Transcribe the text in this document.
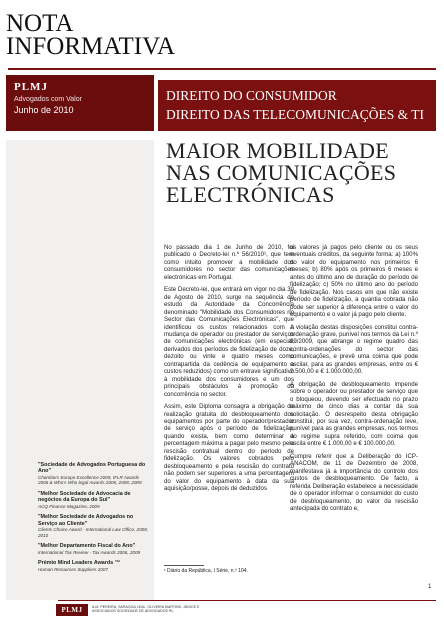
NOTA
INFORMATIVA
PLMJ
Advogados com Valor
Junho de 2010
DIREITO DO CONSUMIDOR
DIREITO DAS TELECOMUNICAÇÕES & TI
MAIOR MOBILIDADE
NAS COMUNICAÇÕES
ELECTRÓNICAS

No passado dia 1 de Junho de 2010, foi publicado o Decreto-lei n.º 56/2010¹, que tem como intuito promover a mobilidade dos consumidores no sector das comunicações electrónicas em Portugal.

Este Decreto-lei, que entrará em vigor no dia 30 de Agosto de 2010, surge na sequência do estudo da Autoridade da Concorrência denominado "Mobilidade dos Consumidores no Sector das Comunicações Electrónicas", que identificou os custos relacionados com a mudança de operador ou prestador de serviços de comunicações electrónicas (em especial, derivados dos períodos de fidelização de doze, dezoito ou vinte e quatro meses como contrapartida da cedência de equipamento a custos reduzidos) como um entrave significativo à mobilidade dos consumidores e um dos principais obstáculos à promoção da concorrência no sector.

Assim, este Diploma consagra a obrigação da realização gratuita do desbloqueamento dos equipamentos por parte do operador/prestador de serviço após o período de fidelização, quando exista, bem como determinar a percentagem máxima a pagar pelo mesmo pela rescisão contratual dentro do período de fidelização. Os valores cobrados pelo desbloqueamento e pela rescisão do contrato não podem ser superiores a uma percentagem do valor do equipamento à data da sua aquisição/posse, depois de deduzidos

os valores já pagos pelo cliente ou os seus eventuais créditos, da seguinte forma: a) 100% do valor do equipamento nos primeiros 6 meses; b) 80% após os primeiros 6 meses e antes do último ano de duração do período de fidelização; c) 50% no último ano do período de fidelização. Nos casos em que não existe período de fidelização, a quantia cobrada não pode ser superior à diferença entre o valor do equipamento e o valor já pago pelo cliente.

A violação destas disposições constitui contra-ordenação grave, punível nos termos da Lei n.º 99/2009, que abrange o regime quadro das contra-ordenações do sector das comunicações, e prevê uma coima que pode oscilar, para as grandes empresas, entre os € 2.500,00 e € 1.000.000,00.

A obrigação de desbloqueamento impende sobre o operador ou prestador de serviço que o bloqueou, devendo ser efectuado no prazo máximo de cinco dias a contar da sua solicitação. O desrespeito desta obrigação constitui, por sua vez, contra-ordenação leve, punível para as grandes empresas, nos termos do regime supra referido, com coima que oscila entre € 1.000,00 e € 100.000,00.

Cumpre referir que a Deliberação do ICP-ANACOM, de 11 de Dezembro de 2008, manifestava já a importância do controlo dos custos de desbloqueamento. De facto, a referida Deliberação estabelece a necessidade de o operador informar o consumidor do custo de desbloqueamento, do valor da rescisão antecipada do contrato e,

¹ Diário da República, I Série, n.º 104.
"Sociedade de Advogados Portuguesa do Ano"
Chambers Europe Excellence 2009, IFLR Awards 2006 & Who's Who legal Awards 2006, 2008, 2009
"Melhor Sociedade de Advocacia de negócios da Europa do Sul"
ACQ Finance Magazine, 2009
"Melhor Sociedade de Advogados no Serviço ao Cliente"
Clients Choice Award - International Law Office, 2008, 2010
"Melhor Departamento Fiscal do Ano"
International Tax Review - Tax Awards 2006, 2009
Prémio Mind Leaders Awards ™
Human Resources Suppliers 2007
1
PLMJ	A.M. PEREIRA, SÁRAGGA LEAL, OLIVEIRA MARTINS, JÚDICE E ASSOCIADOS SOCIEDADE DE ADVOGADOS RL
